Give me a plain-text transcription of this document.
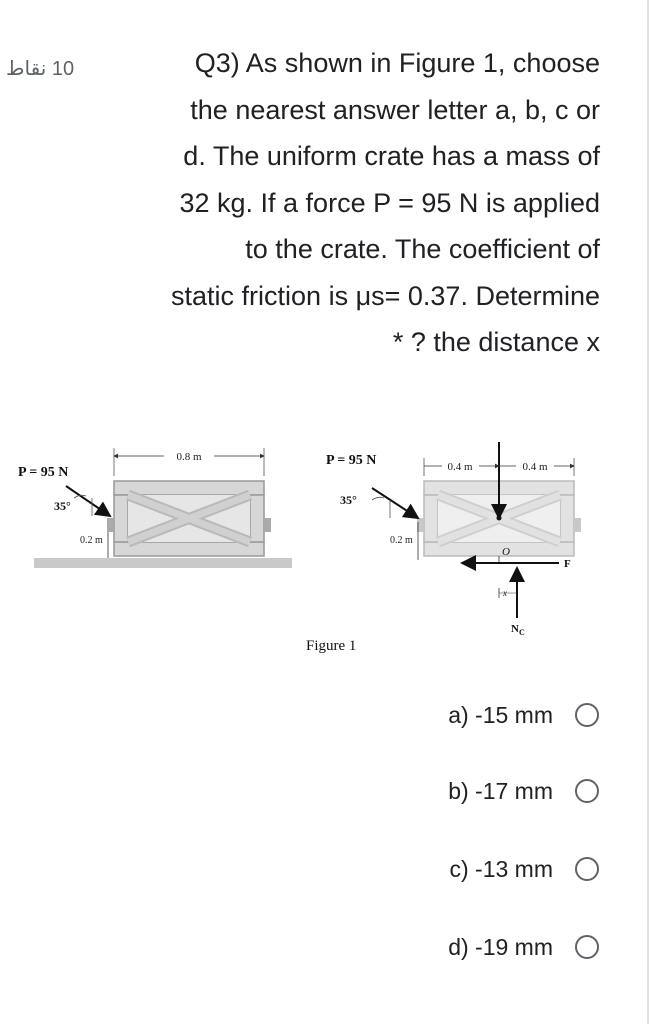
10 نقاط	Q3) As shown in Figure 1, choose
the nearest answer letter a, b, c or
d. The uniform crate has a mass of
32 kg. If a force P = 95 N is applied
to the crate. The coefficient of
static friction is μs= 0.37. Determine
* ? the distance x
0.8 m
P = 95 N
35°
0.2 m
0.4 m	0.4 m
P = 95 N
35°
0.2 m
O
F
x
$N_C$
Figure 1
a) -15 mm
b) -17 mm
c) -13 mm
d) -19 mm
